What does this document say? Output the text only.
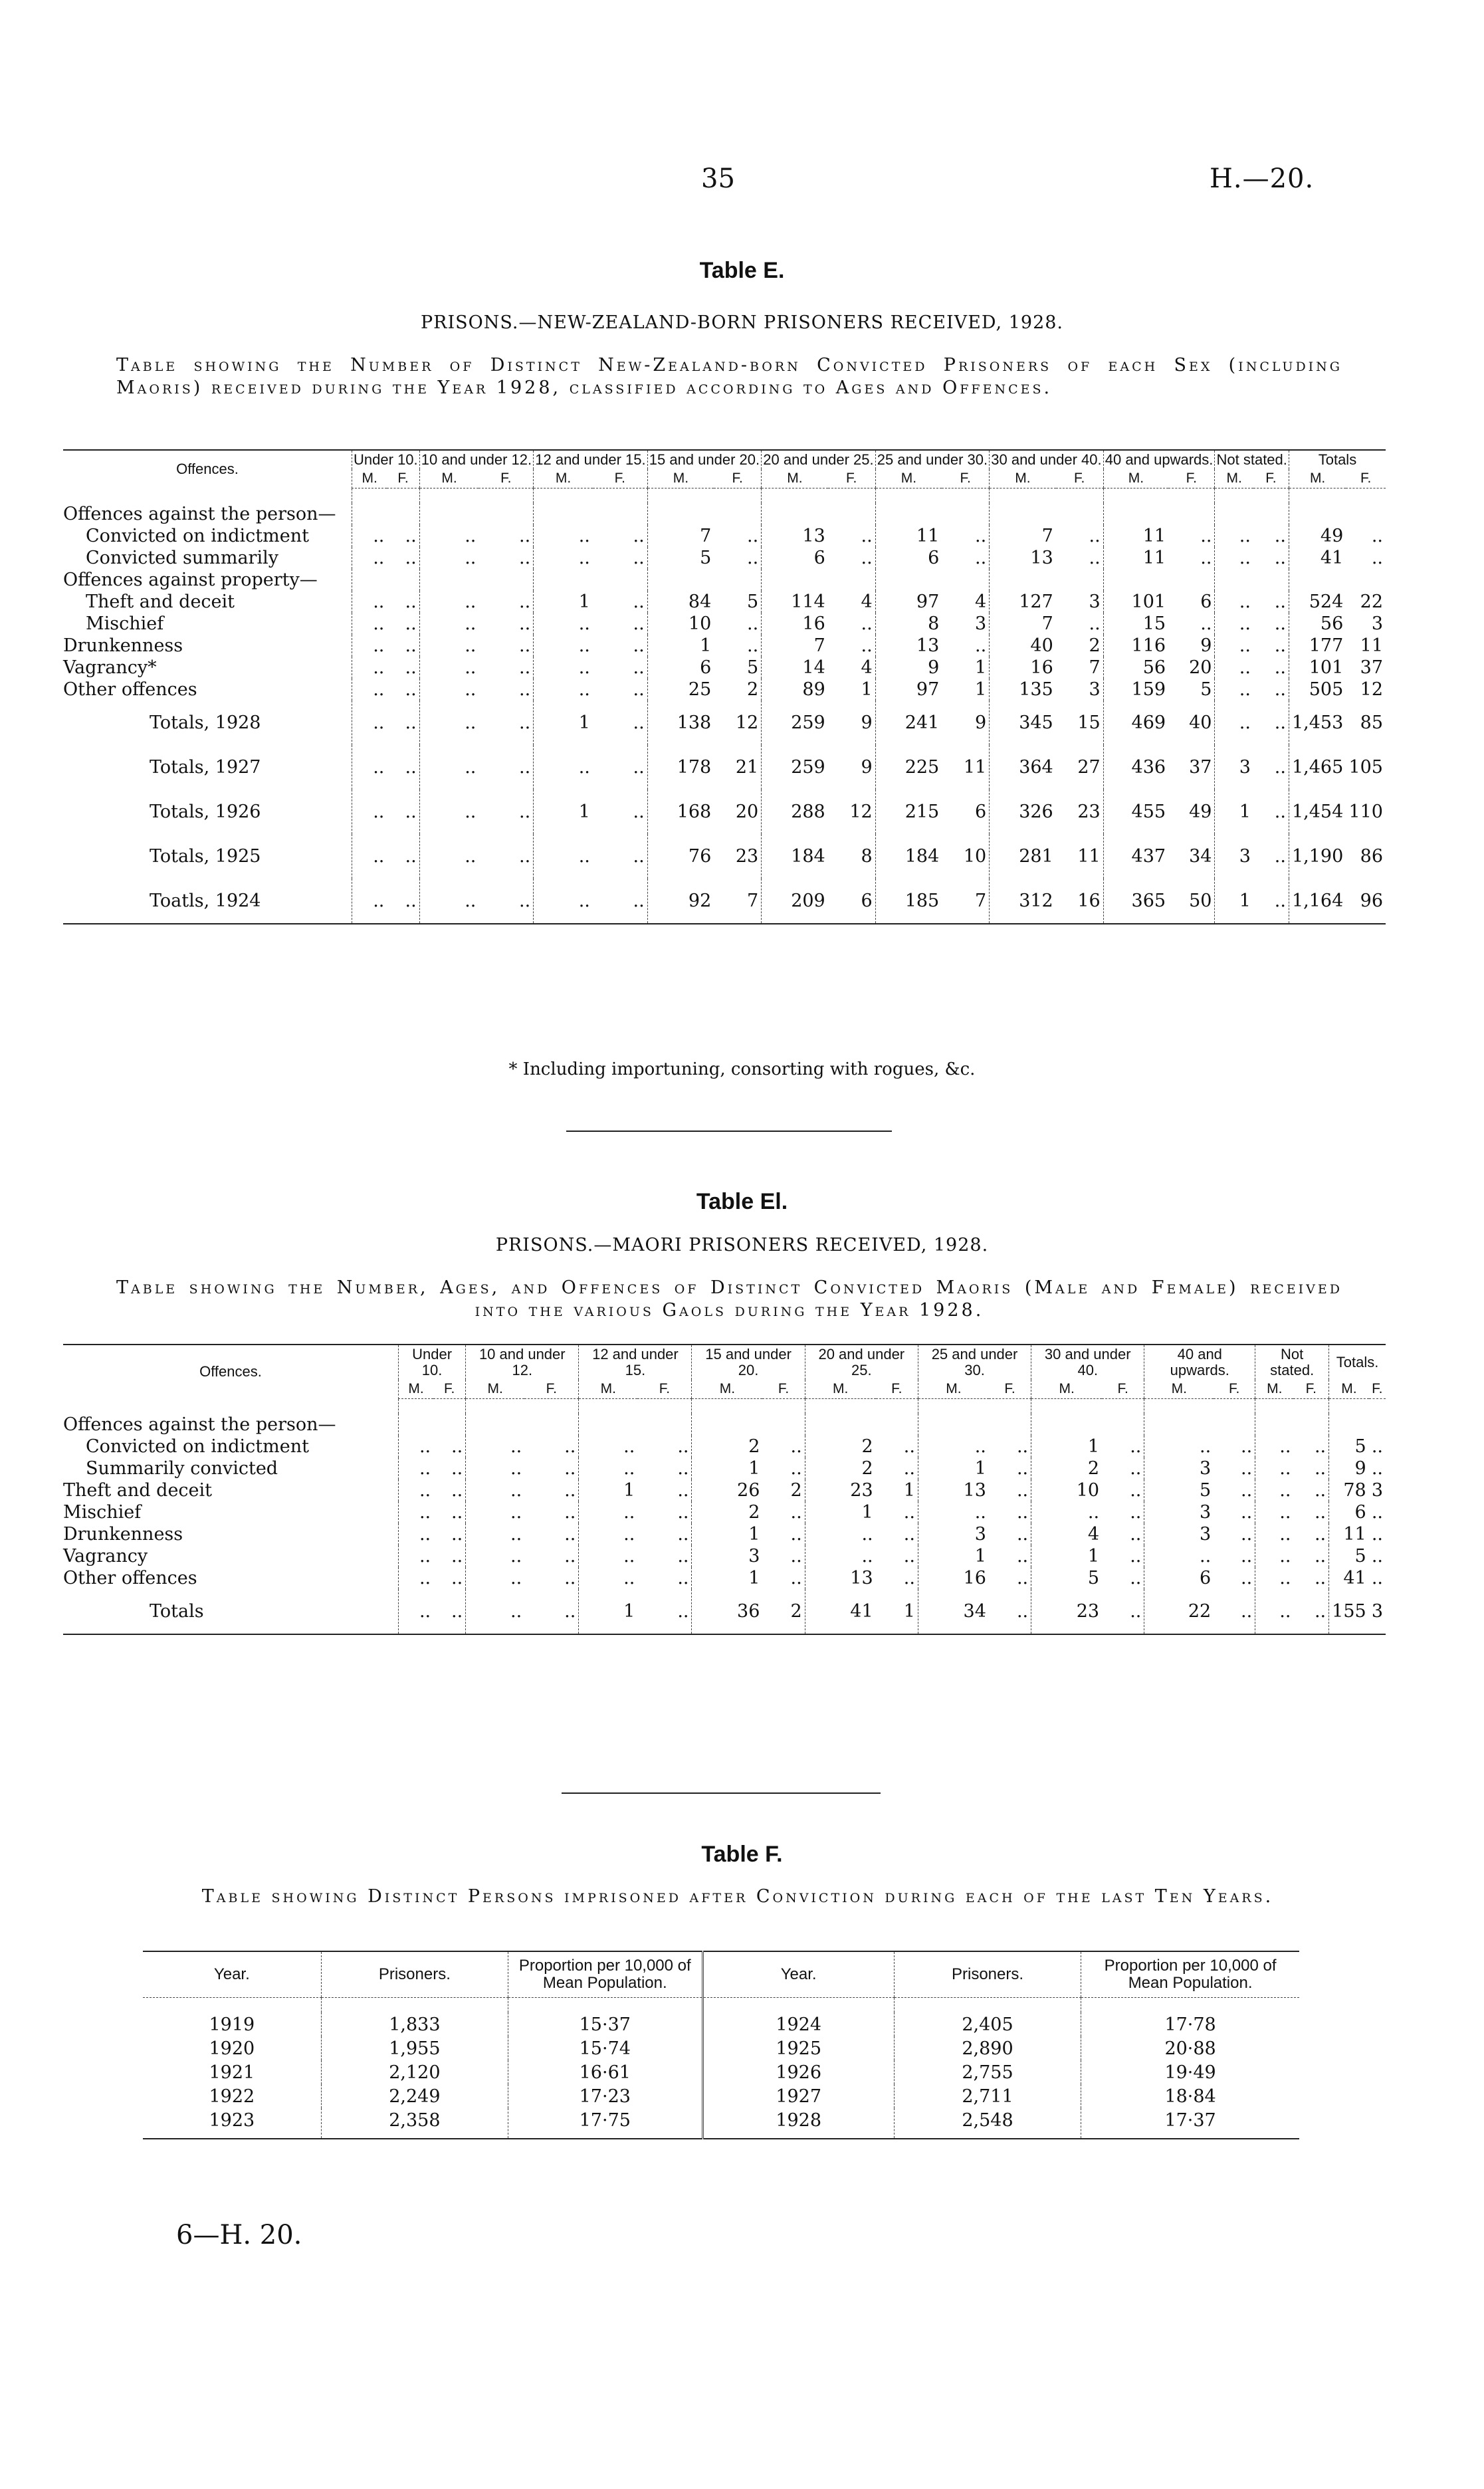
35	H.—20.
Table E.
PRISONS.—NEW-ZEALAND-BORN PRISONERS RECEIVED, 1928.
Table showing the Number of Distinct New-Zealand-born Convicted Prisoners of each Sex (including Maoris) received during the Year 1928, classified according to Ages and Offences.
Offences.	Under 10.		10 and under 12.		12 and under 15.		15 and under 20.		20 and under 25.		25 and under 30.		30 and under 40.		40 and upwards.		Not stated.		Totals	
	M.	F.	M.	F.	M.	F.	M.	F.	M.	F.	M.	F.	M.	F.	M.	F.	M.	F.	M.	F.

Offences against the person—																				
Convicted on indictment	..	..	..	..	..	..	7	..	13	..	11	..	7	..	11	..	..	..	49	..
Convicted summarily	..	..	..	..	..	..	5	..	6	..	6	..	13	..	11	..	..	..	41	..
Offences against property—																				
Theft and deceit	..	..	..	..	1	..	84	5	114	4	97	4	127	3	101	6	..	..	524	22
Mischief	..	..	..	..	..	..	10	..	16	..	8	3	7	..	15	..	..	..	56	3
Drunkenness	..	..	..	..	..	..	1	..	7	..	13	..	40	2	116	9	..	..	177	11
Vagrancy*	..	..	..	..	..	..	6	5	14	4	9	1	16	7	56	20	..	..	101	37
Other offences	..	..	..	..	..	..	25	2	89	1	97	1	135	3	159	5	..	..	505	12
Totals, 1928	..	..	..	..	1	..	138	12	259	9	241	9	345	15	469	40	..	..	1,453	85
Totals, 1927	..	..	..	..	..	..	178	21	259	9	225	11	364	27	436	37	3	..	1,465	105
Totals, 1926	..	..	..	..	1	..	168	20	288	12	215	6	326	23	455	49	1	..	1,454	110
Totals, 1925	..	..	..	..	..	..	76	23	184	8	184	10	281	11	437	34	3	..	1,190	86
Toatls, 1924	..	..	..	..	..	..	92	7	209	6	185	7	312	16	365	50	1	..	1,164	96
* Including importuning, consorting with rogues, &c.
Table El.
PRISONS.—MAORI PRISONERS RECEIVED, 1928.
Table showing the Number, Ages, and Offences of Distinct Convicted Maoris (Male and Female) received into the various Gaols during the Year 1928.
Offences.	Under 10.		10 and under 12.		12 and under 15.		15 and under 20.		20 and under 25.		25 and under 30.		30 and under 40.		40 and upwards.		Not stated.		Totals.	
	M.	F.	M.	F.	M.	F.	M.	F.	M.	F.	M.	F.	M.	F.	M.	F.	M.	F.	M.	F.

Offences against the person—																				
Convicted on indictment	..	..	..	..	..	..	2	..	2	..	..	..	1	..	..	..	..	..	5	..
Summarily convicted	..	..	..	..	..	..	1	..	2	..	1	..	2	..	3	..	..	..	9	..
Theft and deceit	..	..	..	..	1	..	26	2	23	1	13	..	10	..	5	..	..	..	78	3
Mischief	..	..	..	..	..	..	2	..	1	..	..	..	..	..	3	..	..	..	6	..
Drunkenness	..	..	..	..	..	..	1	..	..	..	3	..	4	..	3	..	..	..	11	..
Vagrancy	..	..	..	..	..	..	3	..	..	..	1	..	1	..	..	..	..	..	5	..
Other offences	..	..	..	..	..	..	1	..	13	..	16	..	5	..	6	..	..	..	41	..
Totals	..	..	..	..	1	..	36	2	41	1	34	..	23	..	22	..	..	..	155	3
Table F.
Table showing Distinct Persons imprisoned after Conviction during each of the last Ten Years.
Year.	Prisoners.	Proportion per 10,000 of Mean Population.	Year.	Prisoners.	Proportion per 10,000 of Mean Population.

1919	1,833	15·37	1924	2,405	17·78
1920	1,955	15·74	1925	2,890	20·88
1921	2,120	16·61	1926	2,755	19·49
1922	2,249	17·23	1927	2,711	18·84
1923	2,358	17·75	1928	2,548	17·37
6—H. 20.
